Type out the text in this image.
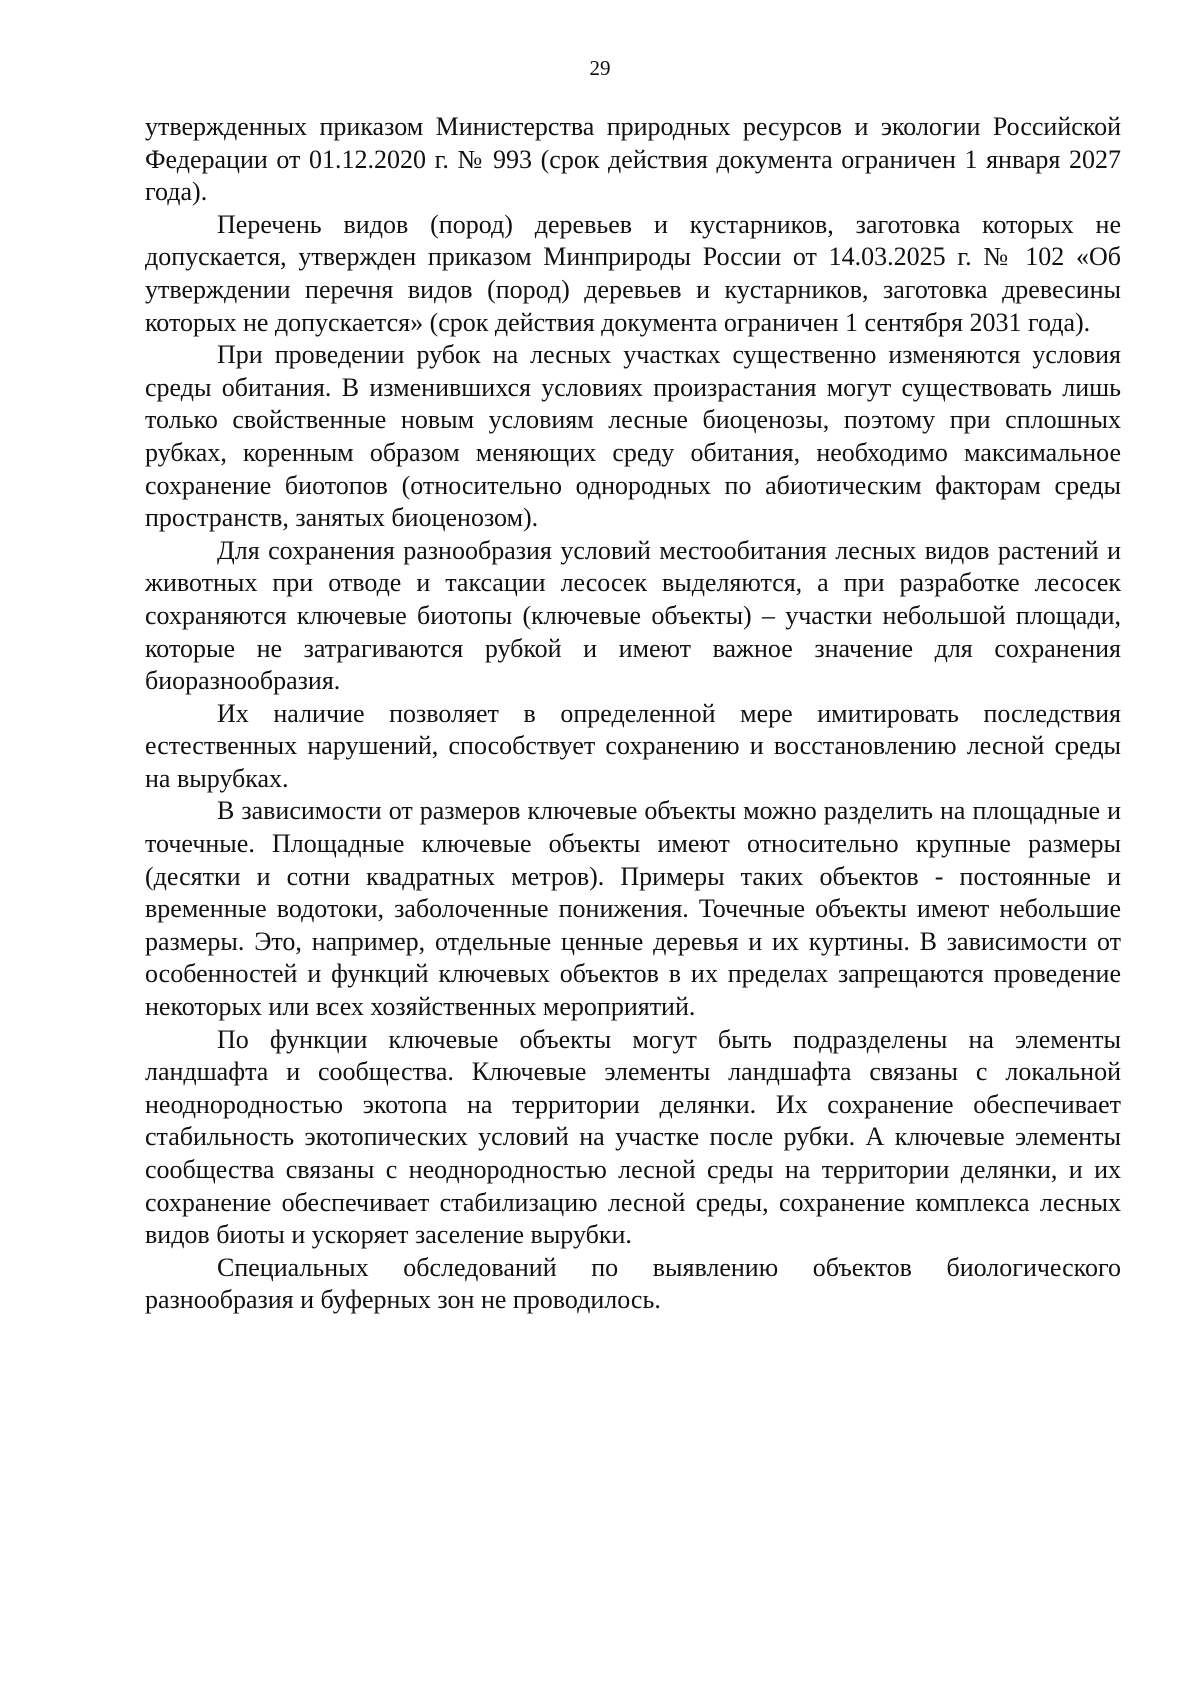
29

утвержденных приказом Министерства природных ресурсов и экологии Российской Федерации от 01.12.2020 г. № 993 (срок действия документа ограничен 1 января 2027 года).

Перечень видов (пород) деревьев и кустарников, заготовка которых не допускается, утвержден приказом Минприроды России от 14.03.2025 г. № 102 «Об утверждении перечня видов (пород) деревьев и кустарников, заготовка древесины которых не допускается» (срок действия документа ограничен 1 сентября 2031 года).

При проведении рубок на лесных участках существенно изменяются условия среды обитания. В изменившихся условиях произрастания могут существовать лишь только свойственные новым условиям лесные биоценозы, поэтому при сплошных рубках, коренным образом меняющих среду обитания, необходимо максимальное сохранение биотопов (относительно однородных по абиотическим факторам среды пространств, занятых биоценозом).

Для сохранения разнообразия условий местообитания лесных видов растений и животных при отводе и таксации лесосек выделяются, а при разработке лесосек сохраняются ключевые биотопы (ключевые объекты) – участки небольшой площади, которые не затрагиваются рубкой и имеют важное значение для сохранения биоразнообразия.

Их наличие позволяет в определенной мере имитировать последствия естественных нарушений, способствует сохранению и восстановлению лесной среды на вырубках.

В зависимости от размеров ключевые объекты можно разделить на площадные и точечные. Площадные ключевые объекты имеют относительно крупные размеры (десятки и сотни квадратных метров). Примеры таких объектов - постоянные и временные водотоки, заболоченные понижения. Точечные объекты имеют небольшие размеры. Это, например, отдельные ценные деревья и их куртины. В зависимости от особенностей и функций ключевых объектов в их пределах запрещаются проведение некоторых или всех хозяйственных мероприятий.

По функции ключевые объекты могут быть подразделены на элементы ландшафта и сообщества. Ключевые элементы ландшафта связаны с локальной неоднородностью экотопа на территории делянки. Их сохранение обеспечивает стабильность экотопических условий на участке после рубки. А ключевые элементы сообщества связаны с неоднородностью лесной среды на территории делянки, и их сохранение обеспечивает стабилизацию лесной среды, сохранение комплекса лесных видов биоты и ускоряет заселение вырубки.

Специальных обследований по выявлению объектов биологического разнообразия и буферных зон не проводилось.
